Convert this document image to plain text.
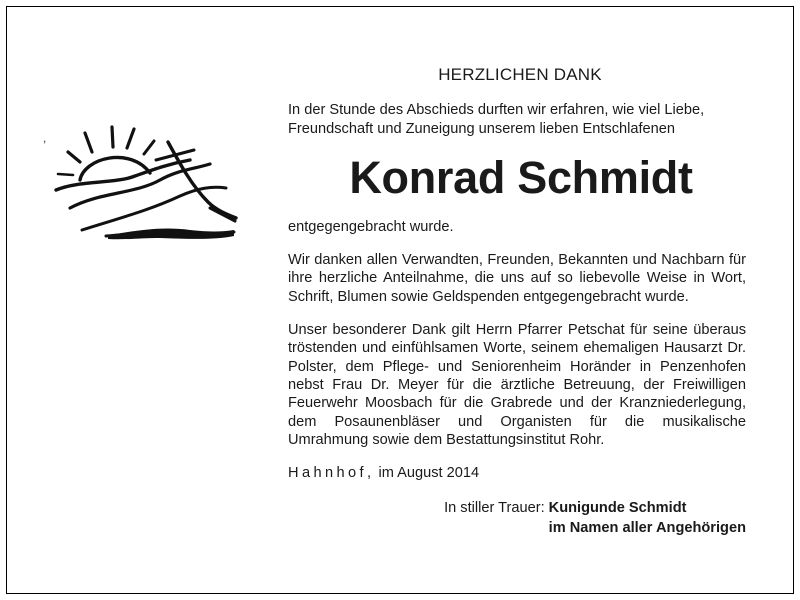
,
HERZLICHEN DANK

In der Stunde des Abschieds durften wir erfahren, wie viel Liebe, Freundschaft und Zuneigung unserem lieben Entschlafenen

Konrad Schmidt

entgegengebracht wurde.

Wir danken allen Verwandten, Freunden, Bekannten und Nachbarn für ihre herzliche Anteilnahme, die uns auf so liebevolle Weise in Wort, Schrift, Blumen sowie Geldspenden entgegengebracht wurde.

Unser besonderer Dank gilt Herrn Pfarrer Petschat für seine überaus tröstenden und einfühlsamen Worte, seinem ehemaligen Hausarzt Dr. Polster, dem Pflege- und Seniorenheim Horänder in Penzenhofen nebst Frau Dr. Meyer für die ärztliche Betreuung, der Freiwilligen Feuerwehr Moosbach für die Grabrede und der Kranzniederlegung, dem Posaunenbläser und Organisten für die musikalische Umrahmung sowie dem Bestattungsinstitut Rohr.

Hahnhof, im August 2014

In stiller Trauer: Kunigunde Schmidt
im Namen aller Angehörigen
